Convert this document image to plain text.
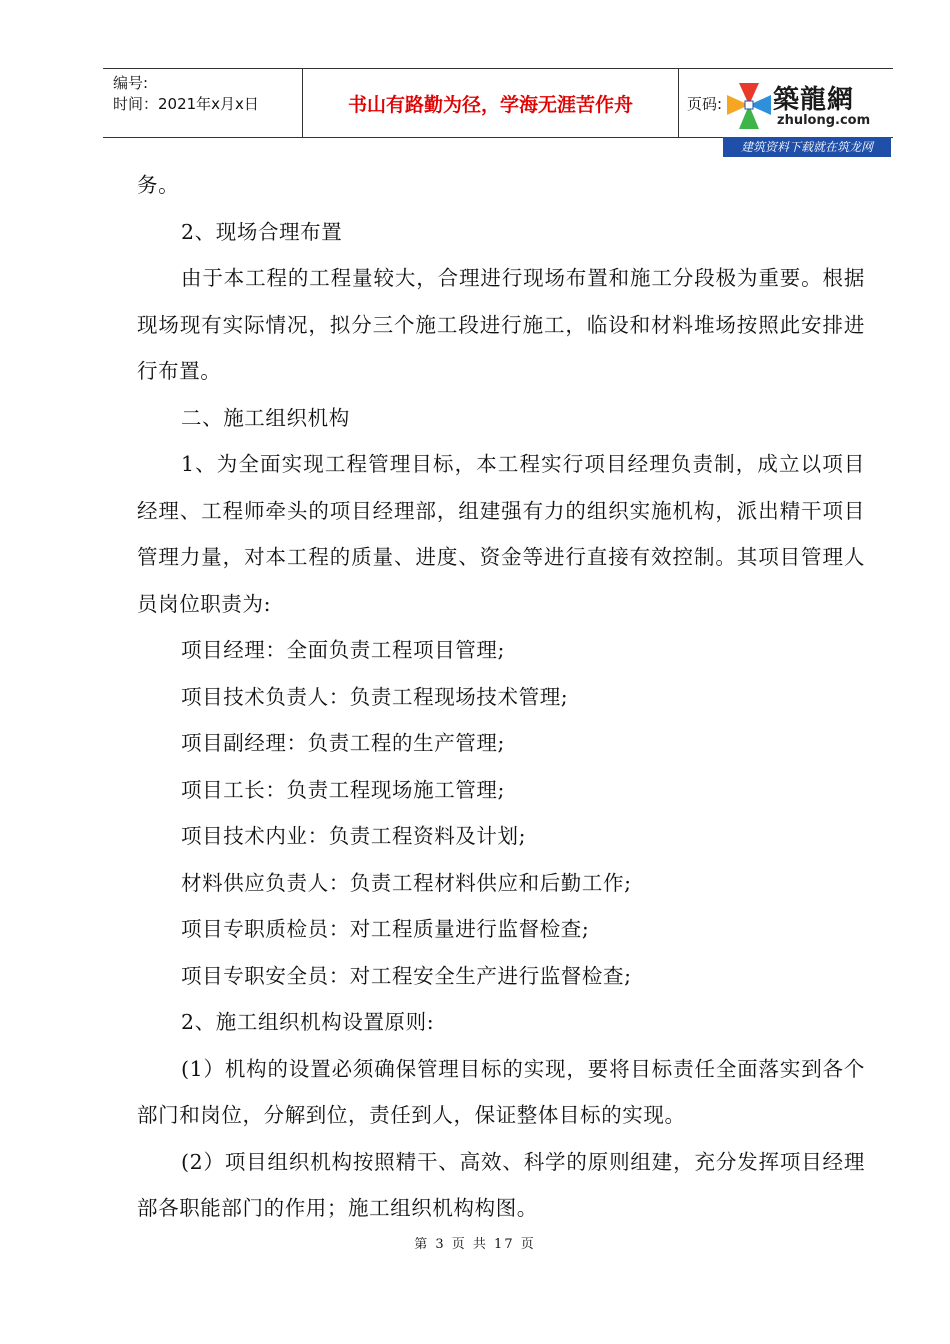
编号:
时间：2021年x月x日	书山有路勤为径，学海无涯苦作舟	页码: 築龍網
zhulong.com
建筑资料下载就在筑龙网

务。

2、现场合理布置

由于本工程的工程量较大，合理进行现场布置和施工分段极为重要。根据现场现有实际情况，拟分三个施工段进行施工，临设和材料堆场按照此安排进行布置。

二、施工组织机构

1、为全面实现工程管理目标，本工程实行项目经理负责制，成立以项目经理、工程师牵头的项目经理部，组建强有力的组织实施机构，派出精干项目管理力量，对本工程的质量、进度、资金等进行直接有效控制。其项目管理人员岗位职责为:

项目经理：全面负责工程项目管理;

项目技术负责人：负责工程现场技术管理;

项目副经理：负责工程的生产管理;

项目工长：负责工程现场施工管理;

项目技术内业：负责工程资料及计划;

材料供应负责人：负责工程材料供应和后勤工作;

项目专职质检员：对工程质量进行监督检查;

项目专职安全员：对工程安全生产进行监督检查;

2、施工组织机构设置原则:

(1）机构的设置必须确保管理目标的实现，要将目标责任全面落实到各个部门和岗位，分解到位，责任到人，保证整体目标的实现。

(2）项目组织机构按照精干、高效、科学的原则组建，充分发挥项目经理部各职能部门的作用；施工组织机构构图。

第 3 页 共 17 页
